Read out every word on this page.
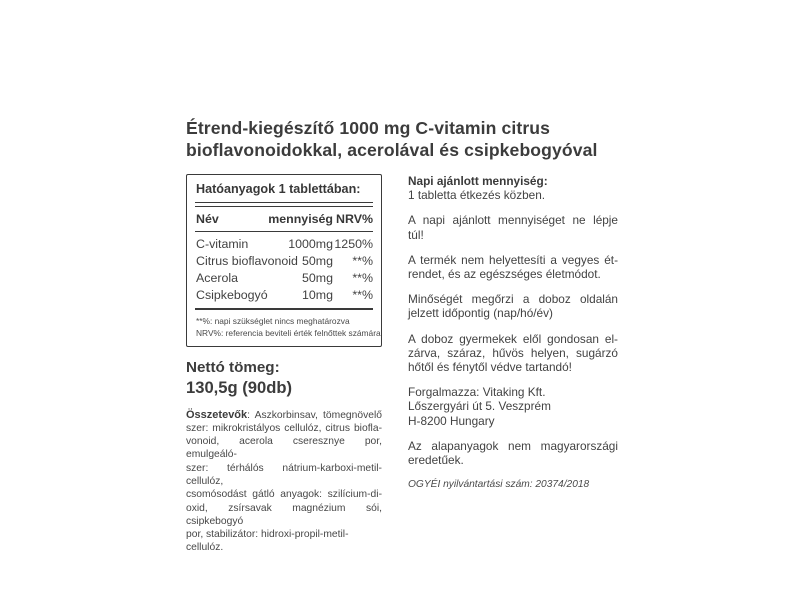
Étrend-kiegészítő 1000 mg C-vitamin citrus
bioflavonoidokkal, acerolával és csipkebogyóval
Hatóanyagok 1 tablettában:
Név	mennyiség NRV%
C-vitamin	1000mg 1250%
Citrus bioflavonoid 50mg	**%
Acerola	50mg	**%
Csipkebogyó	10mg	**%
**%: napi szükséglet nincs meghatározva
NRV%: referencia beviteli érték felnőttek számára
Nettó tömeg:
130,5g (90db)
Összetevők: Aszkorbinsav, tömegnövelő
szer: mikrokristályos cellulóz, citrus biofla-
vonoid, acerola cseresznye por, emulgeáló-
szer: térhálós nátrium-karboxi-metil-cellulóz,
csomósodást gátló anyagok: szilícium-di-
oxid, zsírsavak magnézium sói, csipkebogyó
por, stabilizátor: hidroxi-propil-metil-cellulóz.
Napi ajánlott mennyiség:
1 tabletta étkezés közben.
A napi ajánlott mennyiséget ne lépje
túl!
A termék nem helyettesíti a vegyes ét-
rendet, és az egészséges életmódot.
Minőségét megőrzi a doboz oldalán
jelzett időpontig (nap/hó/év)
A doboz gyermekek elől gondosan el-
zárva, száraz, hűvös helyen, sugárzó
hőtől és fénytől védve tartandó!
Forgalmazza: Vitaking Kft.
Lőszergyári út 5. Veszprém
H-8200 Hungary
Az alapanyagok nem magyarországi
eredetűek.
OGYÉI nyilvántartási szám: 20374/2018
